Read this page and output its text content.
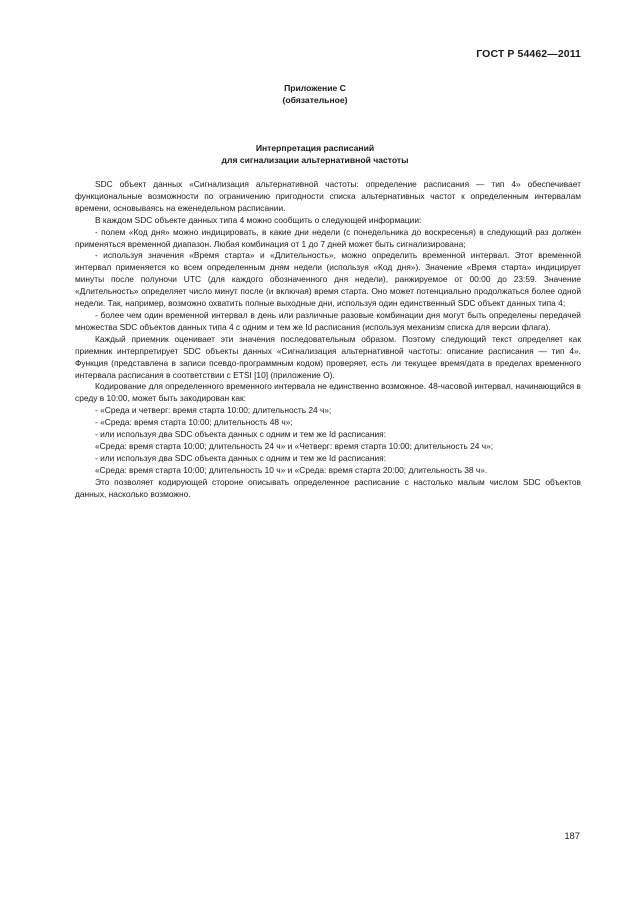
ГОСТ Р 54462—2011
Приложение С
(обязательное)
Интерпретация расписаний
для сигнализации альтернативной частоты

SDC объект данных «Сигнализация альтернативной частоты: определение расписания — тип 4» обеспечивает функциональные возможности по ограничению пригодности списка альтернативных частот к определенным интервалам времени, основываясь на еженедельном расписании.

В каждом SDC объекте данных типа 4 можно сообщить о следующей информации:

- полем «Код дня» можно индицировать, в какие дни недели (с понедельника до воскресенья) в следующий раз должен применяться временной диапазон. Любая комбинация от 1 до 7 дней может быть сигнализирована;

- используя значения «Время старта» и «Длительность», можно определить временной интервал. Этот временной интервал применяется ко всем определенным дням недели (используя «Код дня»). Значение «Время старта» индицирует минуты после полуночи UTC (для каждого обозначенного дня недели), ранжируемое от 00:00 до 23:59. Значение «Длительность» определяет число минут после (и включая) время старта. Оно может потенциально продолжаться более одной недели. Так, например, возможно охватить полные выходные дни, используя один единственный SDC объект данных типа 4;

- более чем один временной интервал в день или различные разовые комбинации дня могут быть определены передачей множества SDC объектов данных типа 4 с одним и тем же Id расписания (используя механизм списка для версии флага).

Каждый приемник оценивает эти значения последовательным образом. Поэтому следующий текст определяет как приемник интерпретирует SDC объекты данных «Сигнализация альтернативной частоты: описание расписания — тип 4». Функция (представлена в записи псевдо-программным кодом) проверяет, есть ли текущее время/дата в пределах временного интервала расписания в соответствии с ETSI [10] (приложение О).

Кодирование для определенного временного интервала не единственно возможное. 48-часовой интервал, начинающийся в среду в 10:00, может быть закодирован как:

- «Среда и четверг: время старта 10:00; длительность 24 ч»;

- «Среда: время старта 10:00; длительность 48 ч»;

- или используя два SDC объекта данных с одним и тем же Id расписания:

«Среда: время старта 10:00; длительность 24 ч» и «Четверг: время старта 10:00; длительность 24 ч»;

- или используя два SDC объекта данных с одним и тем же Id расписания:

«Среда: время старта 10:00; длительность 10 ч» и «Среда: время старта 20:00; длительность 38 ч».

Это позволяет кодирующей стороне описывать определенное расписание с настолько малым числом SDC объектов данных, насколько возможно.

187
